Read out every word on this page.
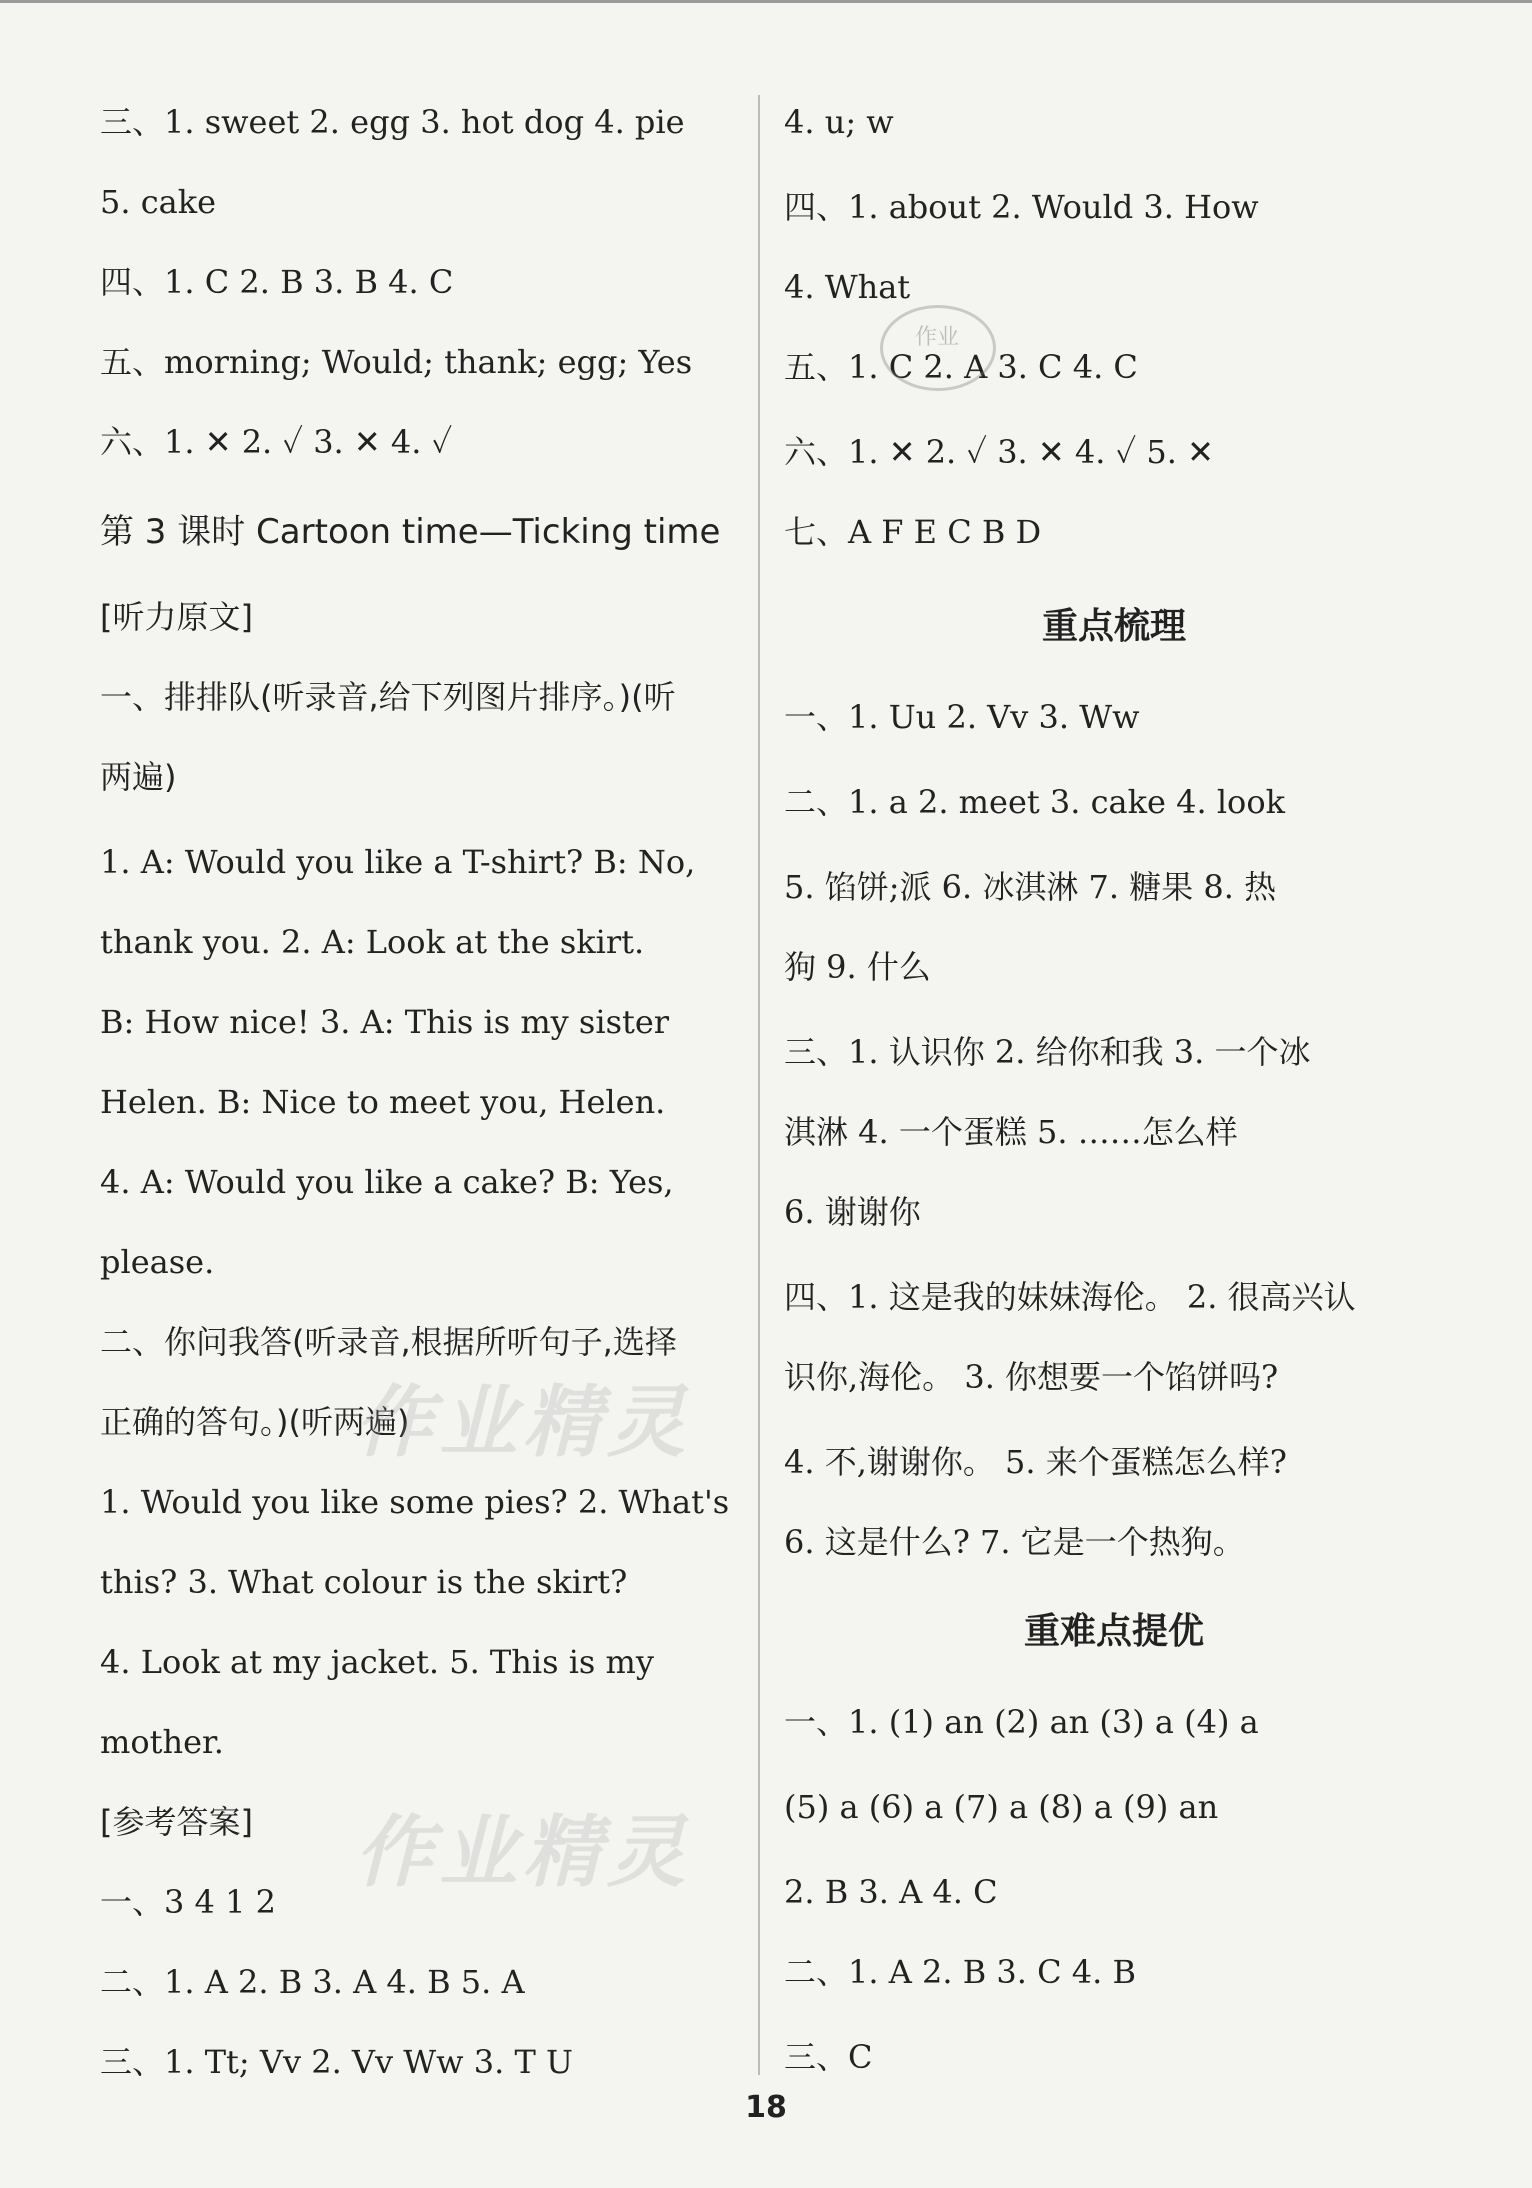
三、1. sweet 2. egg 3. hot dog 4. pie
5. cake
四、1. C 2. B 3. B 4. C
五、morning; Would; thank; egg; Yes
六、1. ✕ 2. ✓ 3. ✕ 4. ✓
第 3 课时 Cartoon time—Ticking time
[听力原文]
一、排排队(听录音,给下列图片排序。)(听
两遍)
1. A: Would you like a T-shirt? B: No,
thank you. 2. A: Look at the skirt.
B: How nice! 3. A: This is my sister
Helen. B: Nice to meet you, Helen.
4. A: Would you like a cake? B: Yes,
please.
二、你问我答(听录音,根据所听句子,选择
正确的答句。)(听两遍)
1. Would you like some pies? 2. What's
this? 3. What colour is the skirt?
4. Look at my jacket. 5. This is my
mother.
[参考答案]
一、3 4 1 2
二、1. A 2. B 3. A 4. B 5. A
三、1. Tt; Vv 2. Vv Ww 3. T U
4. u; w
四、1. about 2. Would 3. How
4. What
五、1. C 2. A 3. C 4. C
六、1. ✕ 2. ✓ 3. ✕ 4. ✓ 5. ✕
七、A F E C B D
重点梳理
一、1. Uu 2. Vv 3. Ww
二、1. a 2. meet 3. cake 4. look
5. 馅饼;派 6. 冰淇淋 7. 糖果 8. 热
狗 9. 什么
三、1. 认识你 2. 给你和我 3. 一个冰
淇淋 4. 一个蛋糕 5. ……怎么样
6. 谢谢你
四、1. 这是我的妹妹海伦。 2. 很高兴认
识你,海伦。 3. 你想要一个馅饼吗?
4. 不,谢谢你。 5. 来个蛋糕怎么样?
6. 这是什么? 7. 它是一个热狗。
重难点提优
一、1. (1) an (2) an (3) a (4) a
(5) a (6) a (7) a (8) a (9) an
2. B 3. A 4. C
二、1. A 2. B 3. C 4. B
三、C
作业精灵
作业精灵
作业
18
